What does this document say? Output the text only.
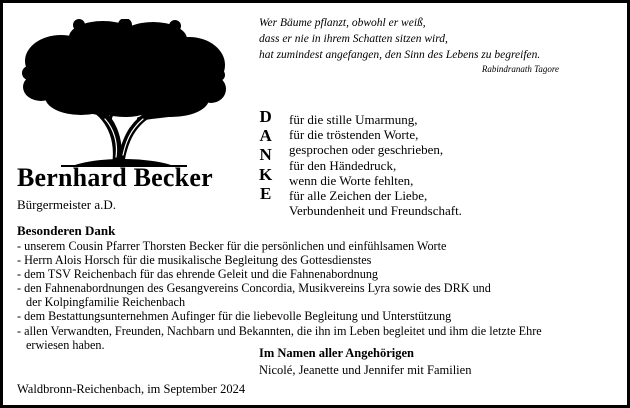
Wer Bäume pflanzt, obwohl er weiß,
dass er nie in ihrem Schatten sitzen wird,
hat zumindest angefangen, den Sinn des Lebens zu begreifen.
Rabindranath Tagore
Bernhard Becker
Bürgermeister a.D.
D
A
N
K
E
für die stille Umarmung,
für die tröstenden Worte,
gesprochen oder geschrieben,
für den Händedruck,
wenn die Worte fehlten,
für alle Zeichen der Liebe,
Verbundenheit und Freundschaft.
Besonderen Dank
- unserem Cousin Pfarrer Thorsten Becker für die persönlichen und einfühlsamen Worte
- Herrn Alois Horsch für die musikalische Begleitung des Gottesdienstes
- dem TSV Reichenbach für das ehrende Geleit und die Fahnenabordnung
- den Fahnenabordnungen des Gesangvereins Concordia, Musikvereins Lyra sowie des DRK und
der Kolpingfamilie Reichenbach
- dem Bestattungsunternehmen Aufinger für die liebevolle Begleitung und Unterstützung
- allen Verwandten, Freunden, Nachbarn und Bekannten, die ihn im Leben begleitet und ihm die letzte Ehre
erwiesen haben.
Im Namen aller Angehörigen
Nicolé, Jeanette und Jennifer mit Familien
Waldbronn-Reichenbach, im September 2024
